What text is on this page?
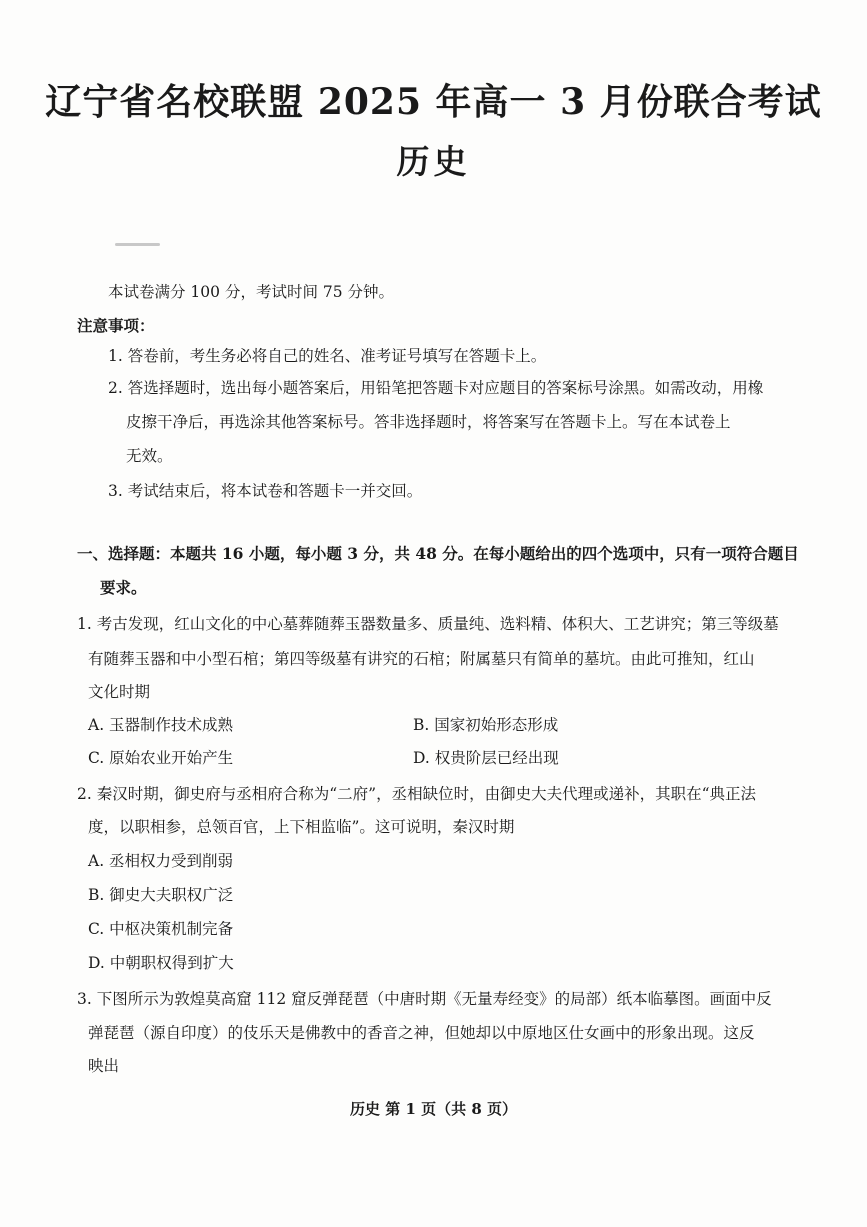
辽宁省名校联盟 2025 年高一 3 月份联合考试
历史
本试卷满分 100 分，考试时间 75 分钟。
注意事项：
1. 答卷前，考生务必将自己的姓名、准考证号填写在答题卡上。
2. 答选择题时，选出每小题答案后，用铅笔把答题卡对应题目的答案标号涂黑。如需改动，用橡
皮擦干净后，再选涂其他答案标号。答非选择题时，将答案写在答题卡上。写在本试卷上
无效。
3. 考试结束后，将本试卷和答题卡一并交回。
一、选择题：本题共 16 小题，每小题 3 分，共 48 分。在每小题给出的四个选项中，只有一项符合题目
要求。
1. 考古发现，红山文化的中心墓葬随葬玉器数量多、质量纯、选料精、体积大、工艺讲究；第三等级墓
有随葬玉器和中小型石棺；第四等级墓有讲究的石棺；附属墓只有简单的墓坑。由此可推知，红山
文化时期
A. 玉器制作技术成熟	B. 国家初始形态形成
C. 原始农业开始产生	D. 权贵阶层已经出现
2. 秦汉时期，御史府与丞相府合称为“二府”，丞相缺位时，由御史大夫代理或递补，其职在“典正法
度，以职相参，总领百官，上下相监临”。这可说明，秦汉时期
A. 丞相权力受到削弱
B. 御史大夫职权广泛
C. 中枢决策机制完备
D. 中朝职权得到扩大
3. 下图所示为敦煌莫高窟 112 窟反弹琵琶（中唐时期《无量寿经变》的局部）纸本临摹图。画面中反
弹琵琶（源自印度）的伎乐天是佛教中的香音之神，但她却以中原地区仕女画中的形象出现。这反
映出
历史 第 1 页（共 8 页）
